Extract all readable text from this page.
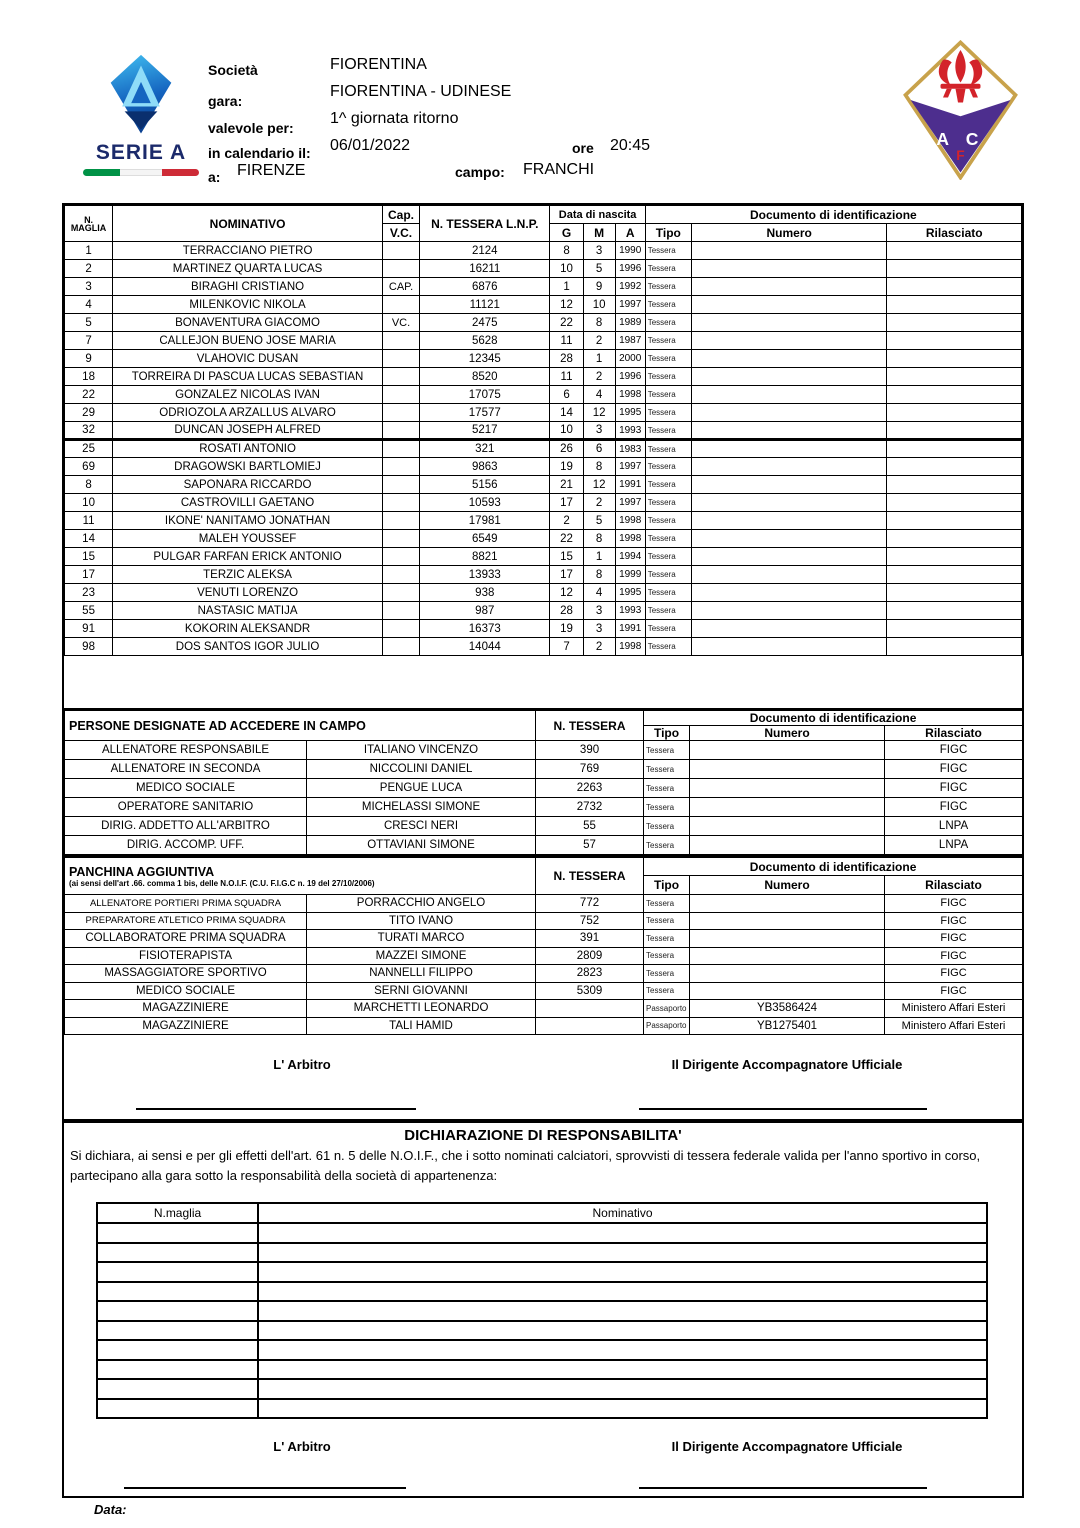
SERIE A
Società
gara:
valevole per:
in calendario il:
a:
FIORENTINA
FIORENTINA - UDINESE
1^ giornata ritorno
06/01/2022
FIRENZE
ore 20:45
campo: FRANCHI
A C
F
N.
MAGLIA	NOMINATIVO	Cap.	N. TESSERA L.N.P.	Data di nascita			Documento di identificazione		
		V.C.		G	M	A	Tipo	Numero	Rilasciato
1	TERRACCIANO PIETRO		2124	8	3	1990	Tessera		
2	MARTINEZ QUARTA LUCAS		16211	10	5	1996	Tessera		
3	BIRAGHI CRISTIANO	CAP.	6876	1	9	1992	Tessera		
4	MILENKOVIC NIKOLA		11121	12	10	1997	Tessera		
5	BONAVENTURA GIACOMO	VC.	2475	22	8	1989	Tessera		
7	CALLEJON BUENO JOSE MARIA		5628	11	2	1987	Tessera		
9	VLAHOVIC DUSAN		12345	28	1	2000	Tessera		
18	TORREIRA DI PASCUA LUCAS SEBASTIAN		8520	11	2	1996	Tessera		
22	GONZALEZ NICOLAS IVAN		17075	6	4	1998	Tessera		
29	ODRIOZOLA ARZALLUS ALVARO		17577	14	12	1995	Tessera		
32	DUNCAN JOSEPH ALFRED		5217	10	3	1993	Tessera		
25	ROSATI ANTONIO		321	26	6	1983	Tessera		
69	DRAGOWSKI BARTLOMIEJ		9863	19	8	1997	Tessera		
8	SAPONARA RICCARDO		5156	21	12	1991	Tessera		
10	CASTROVILLI GAETANO		10593	17	2	1997	Tessera		
11	IKONE' NANITAMO JONATHAN		17981	2	5	1998	Tessera		
14	MALEH YOUSSEF		6549	22	8	1998	Tessera		
15	PULGAR FARFAN ERICK ANTONIO		8821	15	1	1994	Tessera		
17	TERZIC ALEKSA		13933	17	8	1999	Tessera		
23	VENUTI LORENZO		938	12	4	1995	Tessera		
55	NASTASIC MATIJA		987	28	3	1993	Tessera		
91	KOKORIN ALEKSANDR		16373	19	3	1991	Tessera		
98	DOS SANTOS IGOR JULIO		14044	7	2	1998	Tessera		
PERSONE DESIGNATE AD ACCEDERE IN CAMPO		N. TESSERA	Documento di identificazione		
			Tipo	Numero	Rilasciato
ALLENATORE RESPONSABILE	ITALIANO VINCENZO	390	Tessera		FIGC
ALLENATORE IN SECONDA	NICCOLINI DANIEL	769	Tessera		FIGC
MEDICO SOCIALE	PENGUE LUCA	2263	Tessera		FIGC
OPERATORE SANITARIO	MICHELASSI SIMONE	2732	Tessera		FIGC
DIRIG. ADDETTO ALL'ARBITRO	CRESCI NERI	55	Tessera		LNPA
DIRIG. ACCOMP. UFF.	OTTAVIANI SIMONE	57	Tessera		LNPA
PANCHINA AGGIUNTIVA
(ai sensi dell'art .66. comma 1 bis, delle N.O.I.F. (C.U. F.I.G.C n. 19 del 27/10/2006)		N. TESSERA	Documento di identificazione		
			Tipo	Numero	Rilasciato
ALLENATORE PORTIERI PRIMA SQUADRA	PORRACCHIO ANGELO	772	Tessera		FIGC
PREPARATORE ATLETICO PRIMA SQUADRA	TITO IVANO	752	Tessera		FIGC
COLLABORATORE PRIMA SQUADRA	TURATI MARCO	391	Tessera		FIGC
FISIOTERAPISTA	MAZZEI SIMONE	2809	Tessera		FIGC
MASSAGGIATORE SPORTIVO	NANNELLI FILIPPO	2823	Tessera		FIGC
MEDICO SOCIALE	SERNI GIOVANNI	5309	Tessera		FIGC
MAGAZZINIERE	MARCHETTI LEONARDO		Passaporto	YB3586424	Ministero Affari Esteri
MAGAZZINIERE	TALI HAMID		Passaporto	YB1275401	Ministero Affari Esteri
L' Arbitro	Il Dirigente Accompagnatore Ufficiale
DICHIARAZIONE DI RESPONSABILITA'
Si dichiara, ai sensi e per gli effetti dell'art. 61 n. 5 delle N.O.I.F., che i sotto nominati calciatori, sprovvisti di tessera federale valida per l'anno sportivo in corso, partecipano alla gara sotto la responsabilità della società di appartenenza:
N.maglia	Nominativo

L' Arbitro	Il Dirigente Accompagnatore Ufficiale
Data:
